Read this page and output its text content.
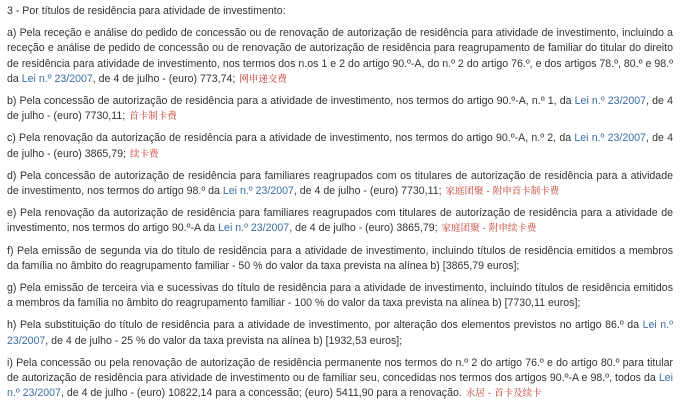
3 - Por títulos de residência para atividade de investimento:

a) Pela receção e análise do pedido de concessão ou de renovação de autorização de residência para atividade de investimento, incluindo a receção e análise de pedido de concessão ou de renovação de autorização de residência para reagrupamento de familiar do titular do direito de residência para atividade de investimento, nos termos dos n.os 1 e 2 do artigo 90.º-A, do n.º 2 do artigo 76.º, e dos artigos 78.º, 80.º e 98.º da Lei n.º 23/2007, de 4 de julho - (euro) 773,74; 网申递交费

b) Pela concessão de autorização de residência para a atividade de investimento, nos termos do artigo 90.º-A, n.º 1, da Lei n.º 23/2007, de 4 de julho - (euro) 7730,11; 首卡制卡费

c) Pela renovação da autorização de residência para a atividade de investimento, nos termos do artigo 90.º-A, n.º 2, da Lei n.º 23/2007, de 4 de julho - (euro) 3865,79; 续卡费

d) Pela concessão de autorização de residência para familiares reagrupados com os titulares de autorização de residência para a atividade de investimento, nos termos do artigo 98.º da Lei n.º 23/2007, de 4 de julho - (euro) 7730,11; 家庭团聚 - 附申首卡制卡费

e) Pela renovação da autorização de residência para familiares reagrupados com titulares de autorização de residência para a atividade de investimento, nos termos do artigo 90.º-A da Lei n.º 23/2007, de 4 de julho - (euro) 3865,79; 家庭团聚 - 附申续卡费

f) Pela emissão de segunda via do título de residência para a atividade de investimento, incluindo títulos de residência emitidos a membros da família no âmbito do reagrupamento familiar - 50 % do valor da taxa prevista na alínea b) [3865,79 euros];

g) Pela emissão de terceira via e sucessivas do título de residência para a atividade de investimento, incluindo títulos de residência emitidos a membros da família no âmbito do reagrupamento familiar - 100 % do valor da taxa prevista na alínea b) [7730,11 euros];

h) Pela substituição do título de residência para a atividade de investimento, por alteração dos elementos previstos no artigo 86.º da Lei n.º 23/2007, de 4 de julho - 25 % do valor da taxa prevista na alínea b) [1932,53 euros];

i) Pela concessão ou pela renovação de autorização de residência permanente nos termos do n.º 2 do artigo 76.º e do artigo 80.º para titular de autorização de residência para atividade de investimento ou de familiar seu, concedidas nos termos dos artigos 90.º-A e 98.º, todos da Lei n.º 23/2007, de 4 de julho - (euro) 10822,14 para a concessão; (euro) 5411,90 para a renovação. 永居 - 首卡及续卡
